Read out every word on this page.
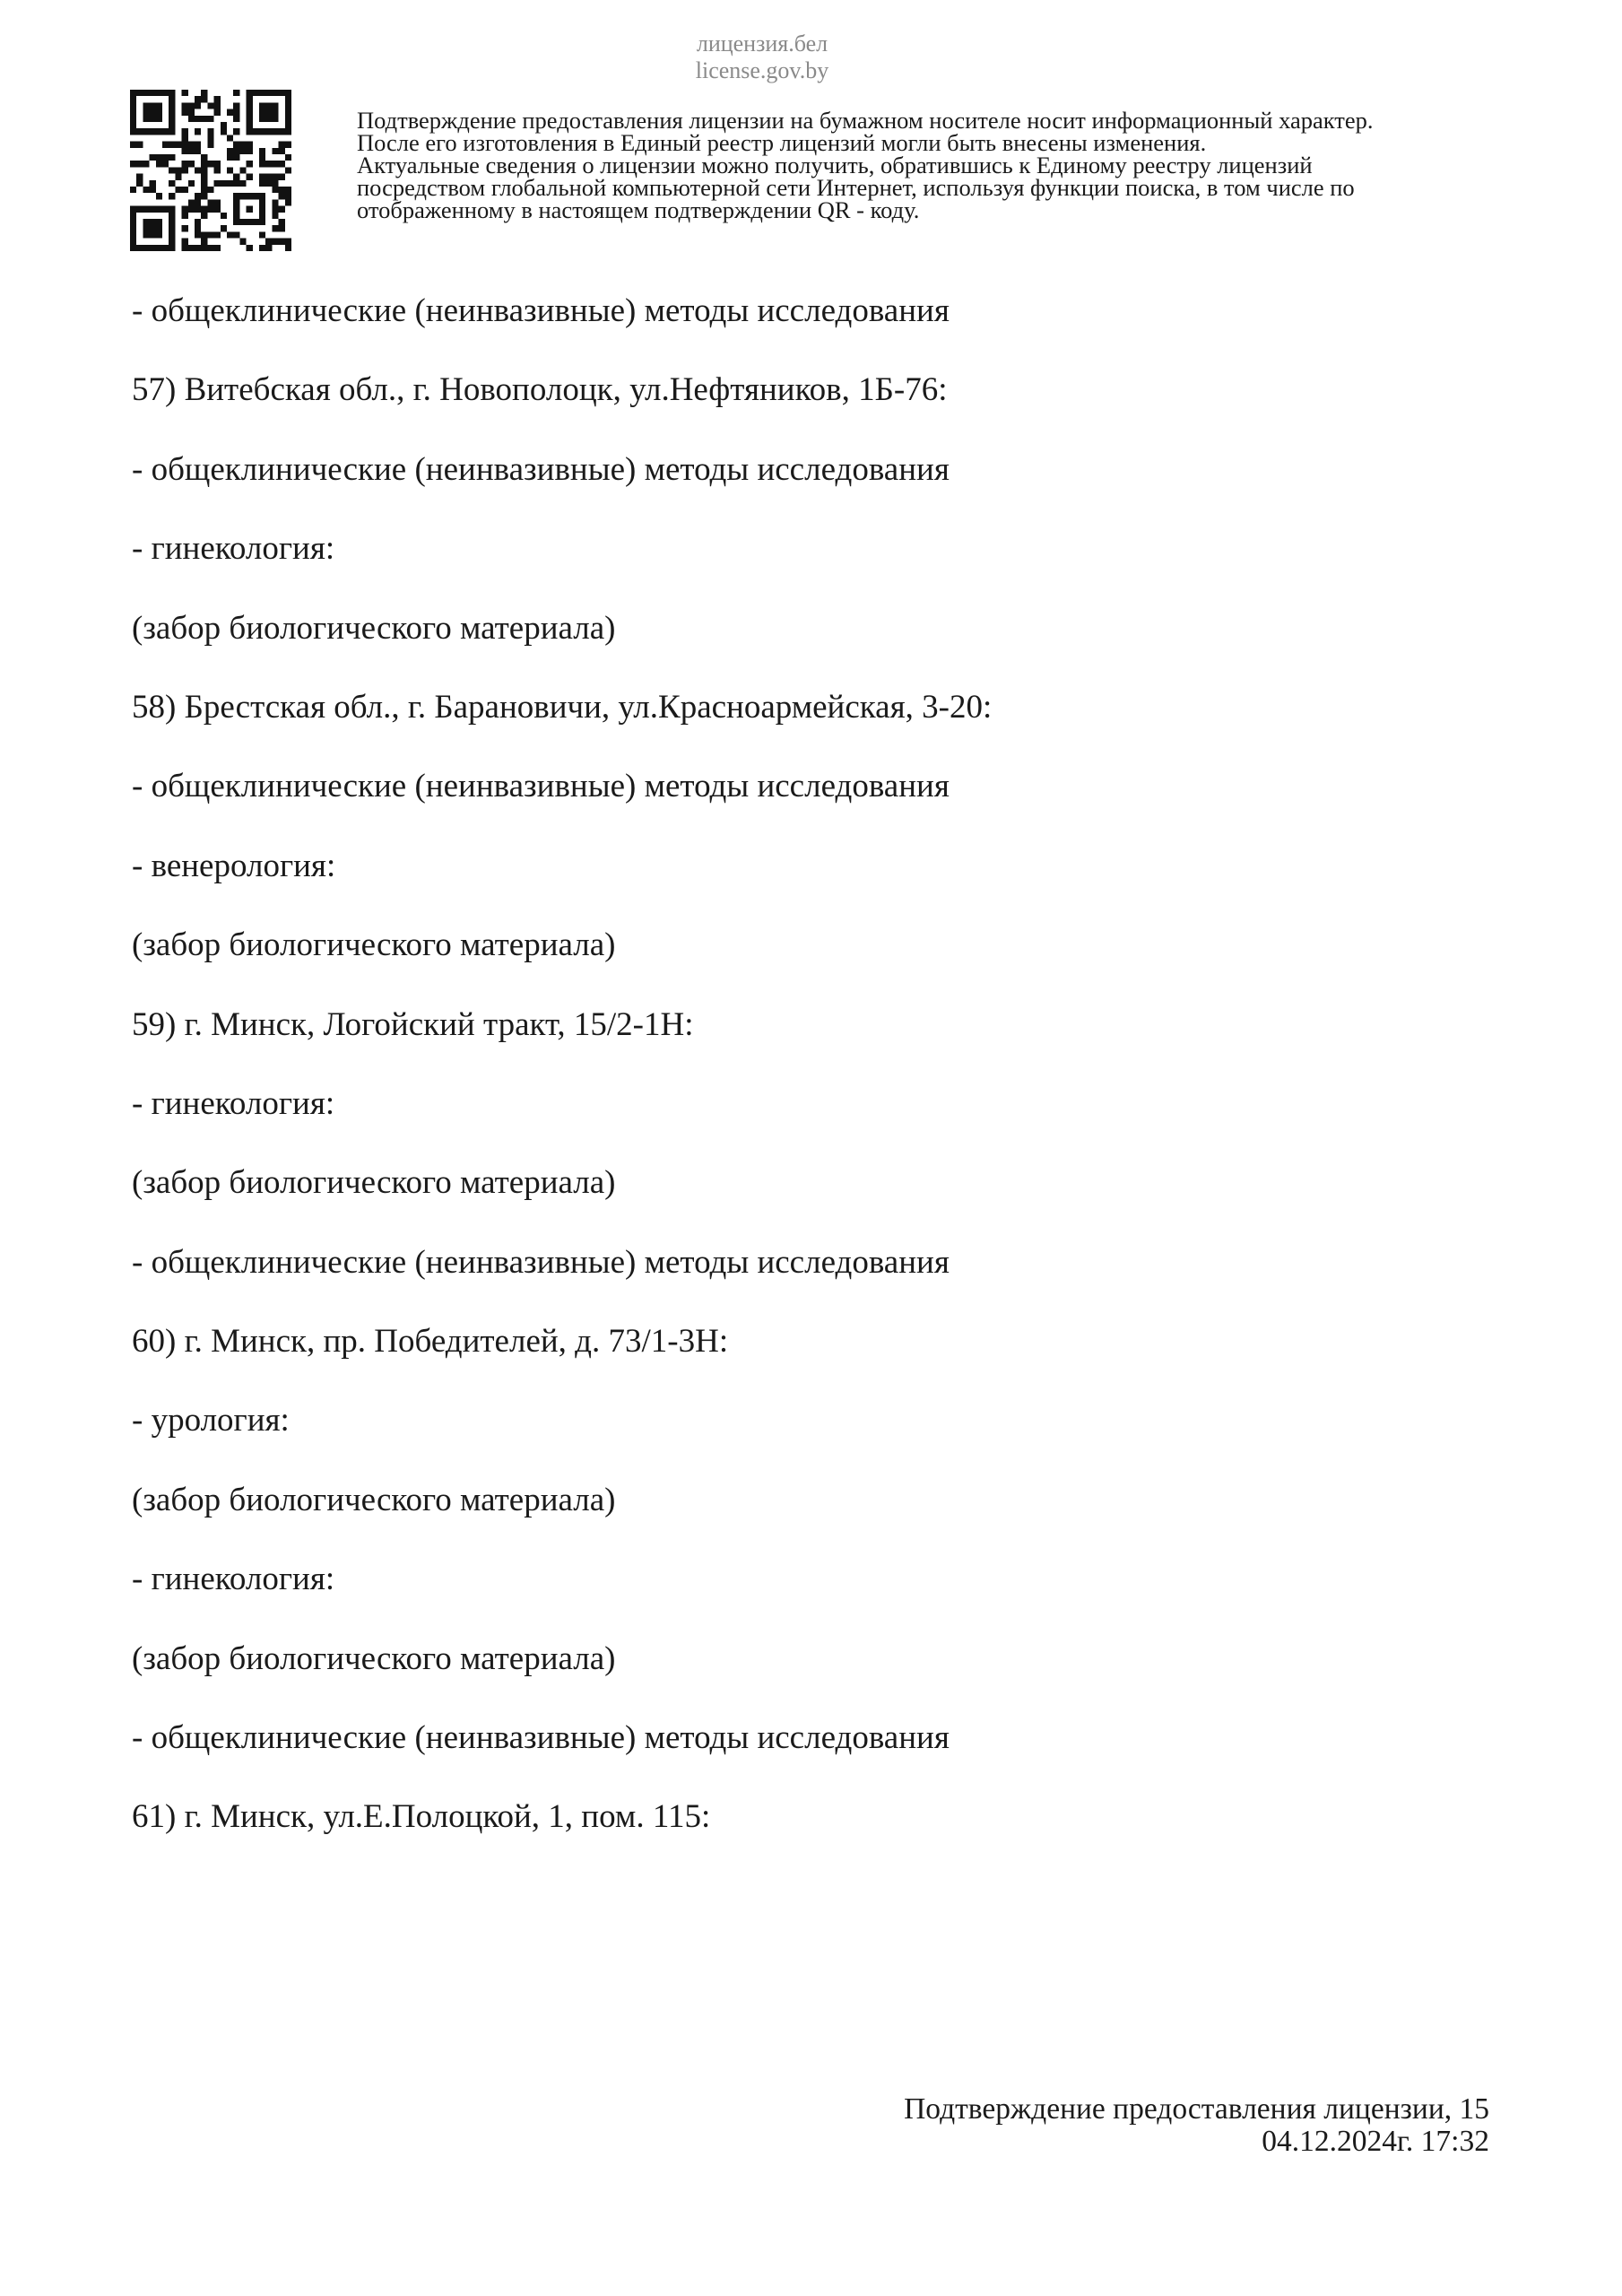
лицензия.бел
license.gov.by
Подтверждение предоставления лицензии на бумажном носителе носит информационный характер.
После его изготовления в Единый реестр лицензий могли быть внесены изменения.
Актуальные сведения о лицензии можно получить, обратившись к Единому реестру лицензий
посредством глобальной компьютерной сети Интернет, используя функции поиска, в том числе по
отображенному в настоящем подтверждении QR - коду.
- общеклинические (неинвазивные) методы исследования
57) Витебская обл., г. Новополоцк, ул.Нефтяников, 1Б-76:
- общеклинические (неинвазивные) методы исследования
- гинекология:
(забор биологического материала)
58) Брестская обл., г. Барановичи, ул.Красноармейская, 3-20:
- общеклинические (неинвазивные) методы исследования
- венерология:
(забор биологического материала)
59) г. Минск, Логойский тракт, 15/2-1Н:
- гинекология:
(забор биологического материала)
- общеклинические (неинвазивные) методы исследования
60) г. Минск, пр. Победителей, д. 73/1-3Н:
- урология:
(забор биологического материала)
- гинекология:
(забор биологического материала)
- общеклинические (неинвазивные) методы исследования
61) г. Минск, ул.Е.Полоцкой, 1, пом. 115:
Подтверждение предоставления лицензии, 15
04.12.2024г. 17:32
